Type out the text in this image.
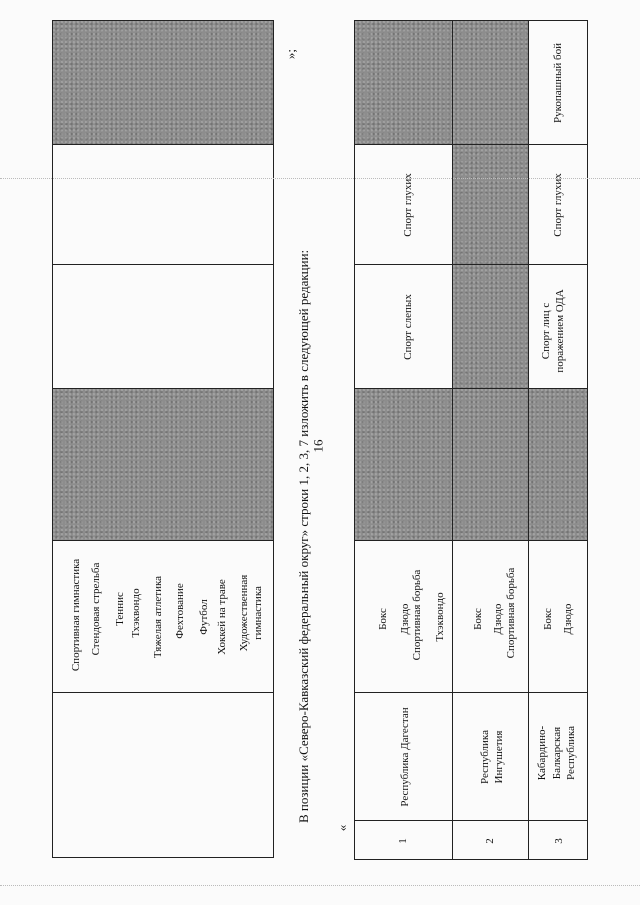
16
Спортивная гимнастика Стендовая стрельба Теннис Тхэквондо Тяжелая атлетика Фехтование Футбол Хоккей на траве Художественная гимнастика В позиции «Северо-Кавказский федеральный округ» строки 1, 2, 3, 7 изложить в следующей редакции:
»;
«
1
Республика Дагестан
Бокс Дзюдо Спортивная борьба Тхэквондо
Спорт слепых
Спорт глухих
2
Республика Ингушетия
Бокс Дзюдо Спортивная борьба
3
Кабардино- Балкарская Республика
Бокс Дзюдо
Спорт лиц с поражением ОДА
Спорт глухих
Рукопашный бой
